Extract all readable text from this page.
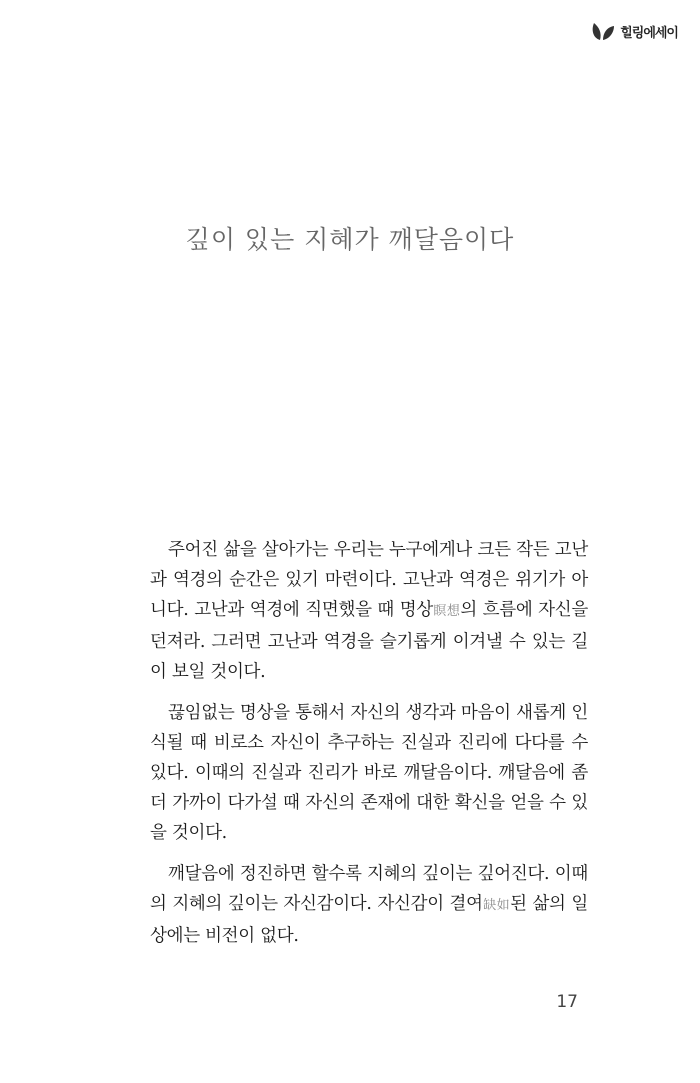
힐링에세이
깊이 있는 지혜가 깨달음이다

주어진 삶을 살아가는 우리는 누구에게나 크든 작든 고난과 역경의 순간은 있기 마련이다. 고난과 역경은 위기가 아니다. 고난과 역경에 직면했을 때 명상瞑想의 흐름에 자신을 던져라. 그러면 고난과 역경을 슬기롭게 이겨낼 수 있는 길이 보일 것이다.

끊임없는 명상을 통해서 자신의 생각과 마음이 새롭게 인식될 때 비로소 자신이 추구하는 진실과 진리에 다다를 수 있다. 이때의 진실과 진리가 바로 깨달음이다. 깨달음에 좀더 가까이 다가설 때 자신의 존재에 대한 확신을 얻을 수 있을 것이다.

깨달음에 정진하면 할수록 지혜의 깊이는 깊어진다. 이때의 지혜의 깊이는 자신감이다. 자신감이 결여缺如된 삶의 일상에는 비전이 없다.

17
